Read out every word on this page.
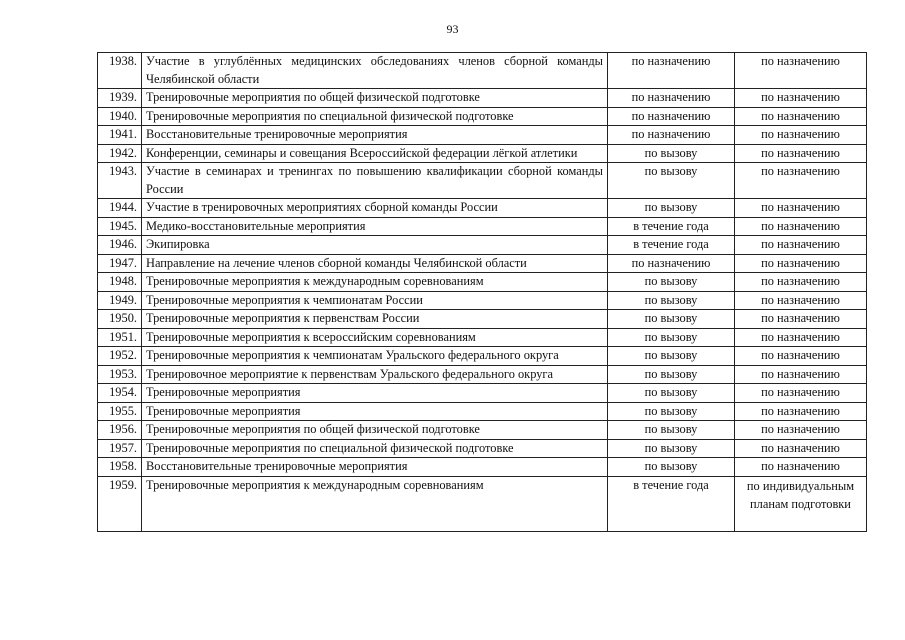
93
1938.	Участие в углублённых медицинских обследованиях членов сборной команды Челябинской области	по назначению	по назначению
1939.	Тренировочные мероприятия по общей физической подготовке	по назначению	по назначению
1940.	Тренировочные мероприятия по специальной физической подготовке	по назначению	по назначению
1941.	Восстановительные тренировочные мероприятия	по назначению	по назначению
1942.	Конференции, семинары и совещания Всероссийской федерации лёгкой атлетики	по вызову	по назначению
1943.	Участие в семинарах и тренингах по повышению квалификации сборной команды России	по вызову	по назначению
1944.	Участие в тренировочных мероприятиях сборной команды России	по вызову	по назначению
1945.	Медико-восстановительные мероприятия	в течение года	по назначению
1946.	Экипировка	в течение года	по назначению
1947.	Направление на лечение членов сборной команды Челябинской области	по назначению	по назначению
1948.	Тренировочные мероприятия к международным соревнованиям	по вызову	по назначению
1949.	Тренировочные мероприятия к чемпионатам России	по вызову	по назначению
1950.	Тренировочные мероприятия к первенствам России	по вызову	по назначению
1951.	Тренировочные мероприятия к всероссийским соревнованиям	по вызову	по назначению
1952.	Тренировочные мероприятия к чемпионатам Уральского федерального округа	по вызову	по назначению
1953.	Тренировочное мероприятие к первенствам Уральского федерального округа	по вызову	по назначению
1954.	Тренировочные мероприятия	по вызову	по назначению
1955.	Тренировочные мероприятия	по вызову	по назначению
1956.	Тренировочные мероприятия по общей физической подготовке	по вызову	по назначению
1957.	Тренировочные мероприятия по специальной физической подготовке	по вызову	по назначению
1958.	Восстановительные тренировочные мероприятия	по вызову	по назначению
1959.	Тренировочные мероприятия к международным соревнованиям	в течение года	по индивидуальным планам подготовки
